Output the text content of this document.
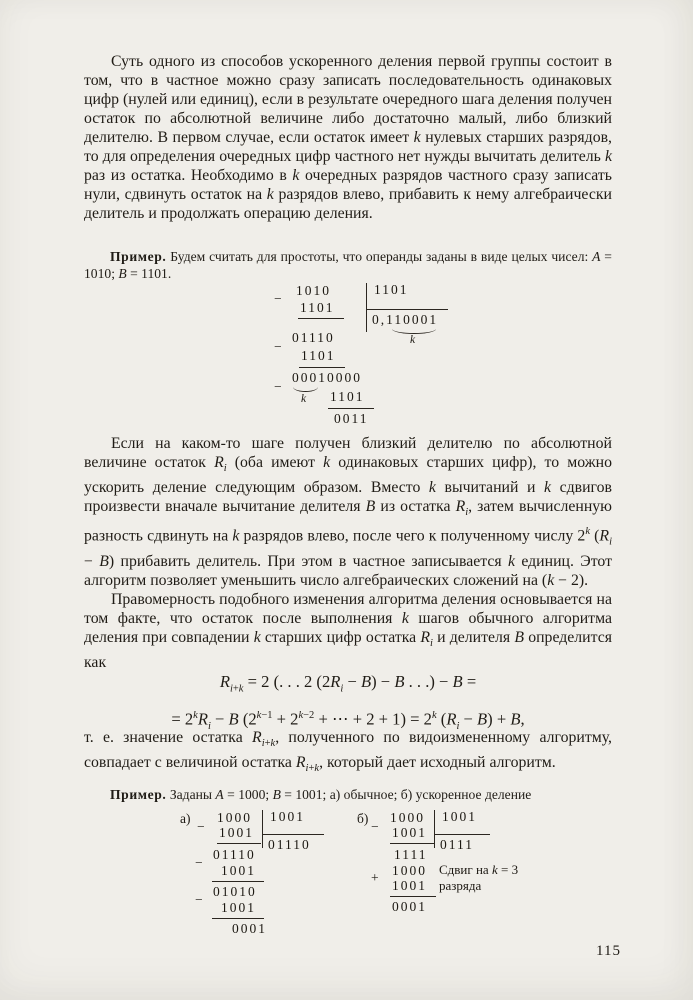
Суть одного из способов ускоренного деления первой группы состоит в том, что в частное можно сразу записать последовательность одинаковых цифр (нулей или единиц), если в результате очередного шага деления получен остаток по абсолютной величине либо достаточно малый, либо близкий делителю. В первом случае, если остаток имеет k нулевых старших разрядов, то для определения очередных цифр частного нет нужды вычитать делитель k раз из остатка. Необходимо в k очередных разрядов частного сразу записать нули, сдвинуть остаток на k разрядов влево, прибавить к нему алгебраически делитель и продолжать операцию деления.

Пример. Будем считать для простоты, что операнды заданы в виде целых чисел: A = 1010; B = 1101.
−
1010	1101
1101
0,110001
k
01110
−
1101
00010000
−
k 1101
0011

Если на каком-то шаге получен близкий делителю по абсолютной величине остаток $R_i$ (оба имеют k одинаковых старших цифр), то можно ускорить деление следующим образом. Вместо k вычитаний и k сдвигов произвести вначале вычитание делителя B из остатка $R_i$, затем вычисленную разность сдвинуть на k разрядов влево, после чего к полученному числу 2$^k$ $(R_i - B)$ прибавить делитель. При этом в частное записывается k единиц. Этот алгоритм позволяет уменьшить число алгебраических сложений на (k − 2).

Правомерность подобного изменения алгоритма деления основывается на том факте, что остаток после выполнения k шагов обычного алгоритма деления при совпадении k старших цифр остатка $R_i$ и делителя B определится как

$R_{i+k} = 2$ (. . . 2 $(2R_i - B) - B$ . . .) − B =

= $2^kR_i - B$ ($2^{k-1} + 2^{k-2}$ + ⋯ + $2 + 1) = 2^k$ $(R_i - B) + B$,

т. е. значение остатка $R_{i+k}$, полученного по видоизмененному алгоритму, совпадает с величиной остатка $R_{i+k}$, который дает исходный алгоритм.

Пример. Заданы A = 1000; B = 1001; а) обычное; б) ускоренное деление
а)
−
1000 1001
1001
01110
01110
−
1001
01010
−
1001
0001
б)
−
1000 1001
1001
0111
1111
+ 1000
1001
Сдвиг на k = 3
разряда
0001
115
